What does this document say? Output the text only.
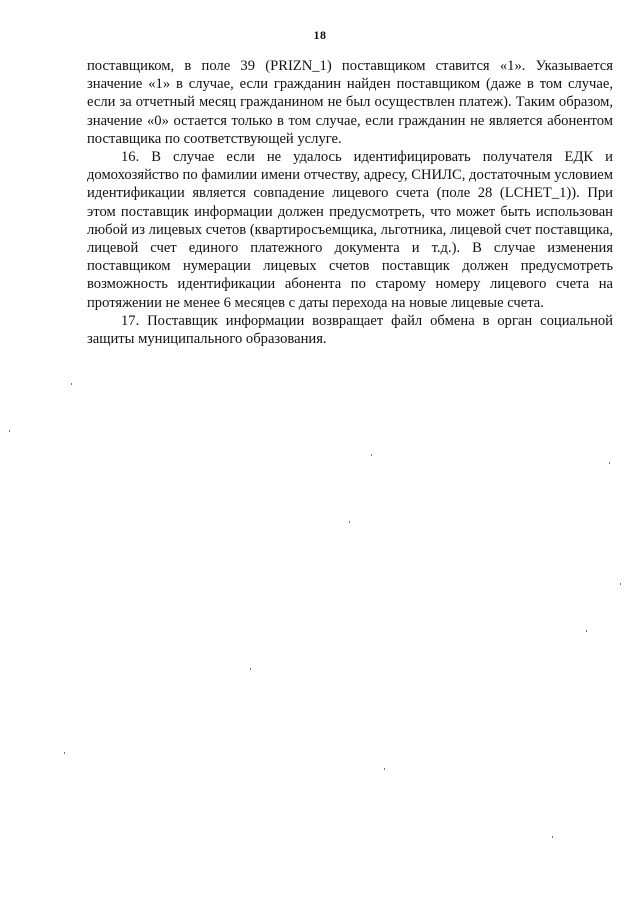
18

поставщиком, в поле 39 (PRIZN_1) поставщиком ставится «1». Указывается значение «1» в случае, если гражданин найден поставщиком (даже в том случае, если за отчетный месяц гражданином не был осуществлен платеж). Таким образом, значение «0» остается только в том случае, если гражданин не является абонентом поставщика по соответствующей услуге.

16. В случае если не удалось идентифицировать получателя ЕДК и домохозяйство по фамилии имени отчеству, адресу, СНИЛС, достаточным условием идентификации является совпадение лицевого счета (поле 28 (LCHET_1)). При этом поставщик информации должен предусмотреть, что может быть использован любой из лицевых счетов (квартиросъемщика, льготника, лицевой счет поставщика, лицевой счет единого платежного документа и т.д.). В случае изменения поставщиком нумерации лицевых счетов поставщик должен предусмотреть возможность идентификации абонента по старому номеру лицевого счета на протяжении не менее 6 месяцев с даты перехода на новые лицевые счета.

17. Поставщик информации возвращает файл обмена в орган социальной защиты муниципального образования.
